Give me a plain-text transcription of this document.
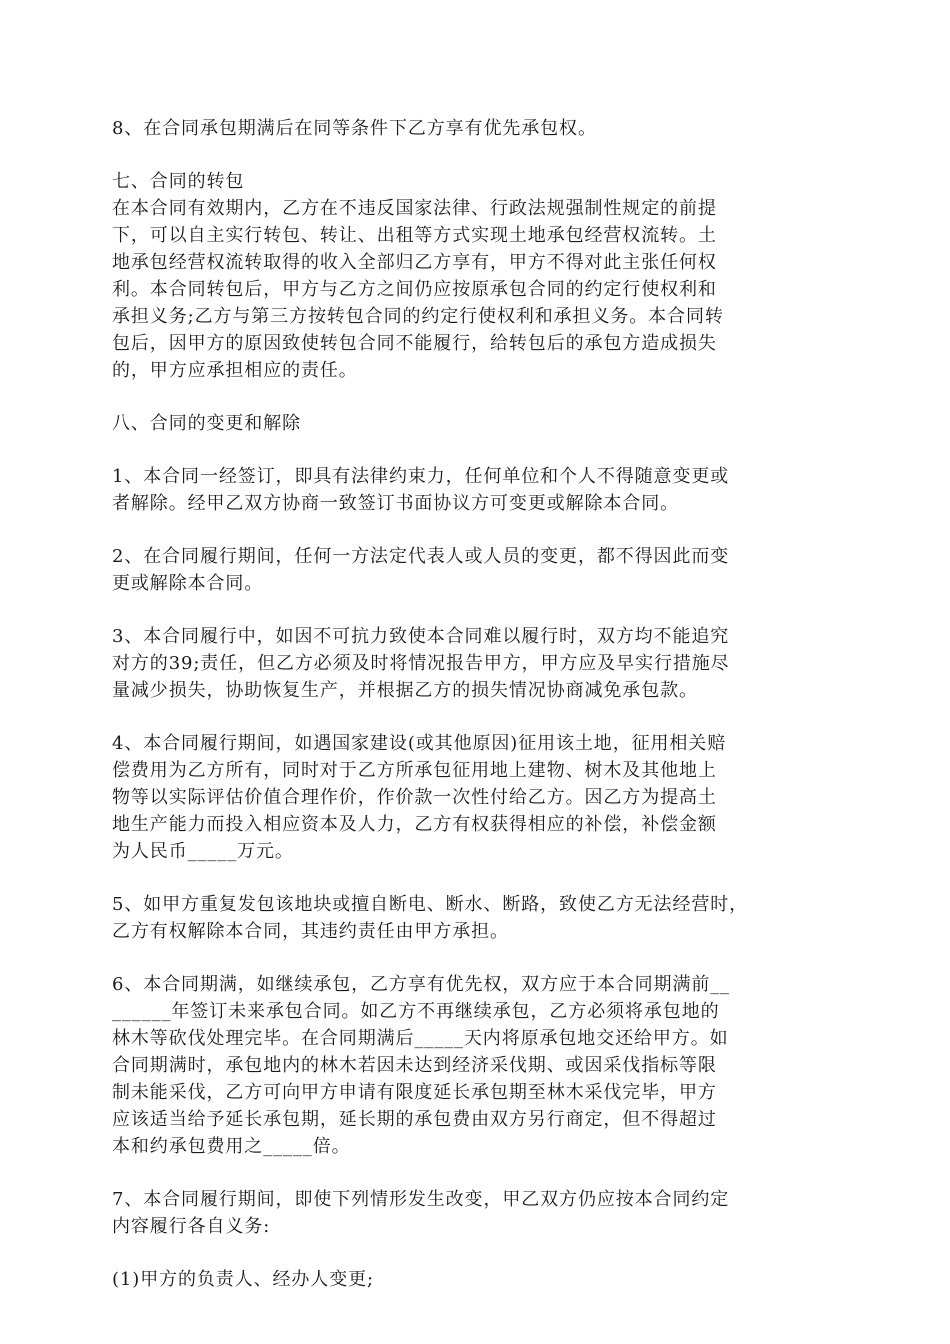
8、在合同承包期满后在同等条件下乙方享有优先承包权。

七、合同的转包

在本合同有效期内，乙方在不违反国家法律、行政法规强制性规定的前提
下，可以自主实行转包、转让、出租等方式实现土地承包经营权流转。土
地承包经营权流转取得的收入全部归乙方享有，甲方不得对此主张任何权
利。本合同转包后，甲方与乙方之间仍应按原承包合同的约定行使权利和
承担义务;乙方与第三方按转包合同的约定行使权利和承担义务。本合同转
包后，因甲方的原因致使转包合同不能履行，给转包后的承包方造成损失
的，甲方应承担相应的责任。

八、合同的变更和解除

1、本合同一经签订，即具有法律约束力，任何单位和个人不得随意变更或
者解除。经甲乙双方协商一致签订书面协议方可变更或解除本合同。

2、在合同履行期间，任何一方法定代表人或人员的变更，都不得因此而变
更或解除本合同。

3、本合同履行中，如因不可抗力致使本合同难以履行时，双方均不能追究
对方的39;责任，但乙方必须及时将情况报告甲方，甲方应及早实行措施尽
量减少损失，协助恢复生产，并根据乙方的损失情况协商减免承包款。

4、本合同履行期间，如遇国家建设(或其他原因)征用该土地，征用相关赔
偿费用为乙方所有，同时对于乙方所承包征用地上建物、树木及其他地上
物等以实际评估价值合理作价，作价款一次性付给乙方。因乙方为提高土
地生产能力而投入相应资本及人力，乙方有权获得相应的补偿，补偿金额
为人民币_____万元。

5、如甲方重复发包该地块或擅自断电、断水、断路，致使乙方无法经营时，
乙方有权解除本合同，其违约责任由甲方承担。

6、本合同期满，如继续承包，乙方享有优先权，双方应于本合同期满前__
______年签订未来承包合同。如乙方不再继续承包，乙方必须将承包地的
林木等砍伐处理完毕。在合同期满后_____天内将原承包地交还给甲方。如
合同期满时，承包地内的林木若因未达到经济采伐期、或因采伐指标等限
制未能采伐，乙方可向甲方申请有限度延长承包期至林木采伐完毕，甲方
应该适当给予延长承包期，延长期的承包费由双方另行商定，但不得超过
本和约承包费用之_____倍。

7、本合同履行期间，即使下列情形发生改变，甲乙双方仍应按本合同约定
内容履行各自义务:

(1)甲方的负责人、经办人变更;
